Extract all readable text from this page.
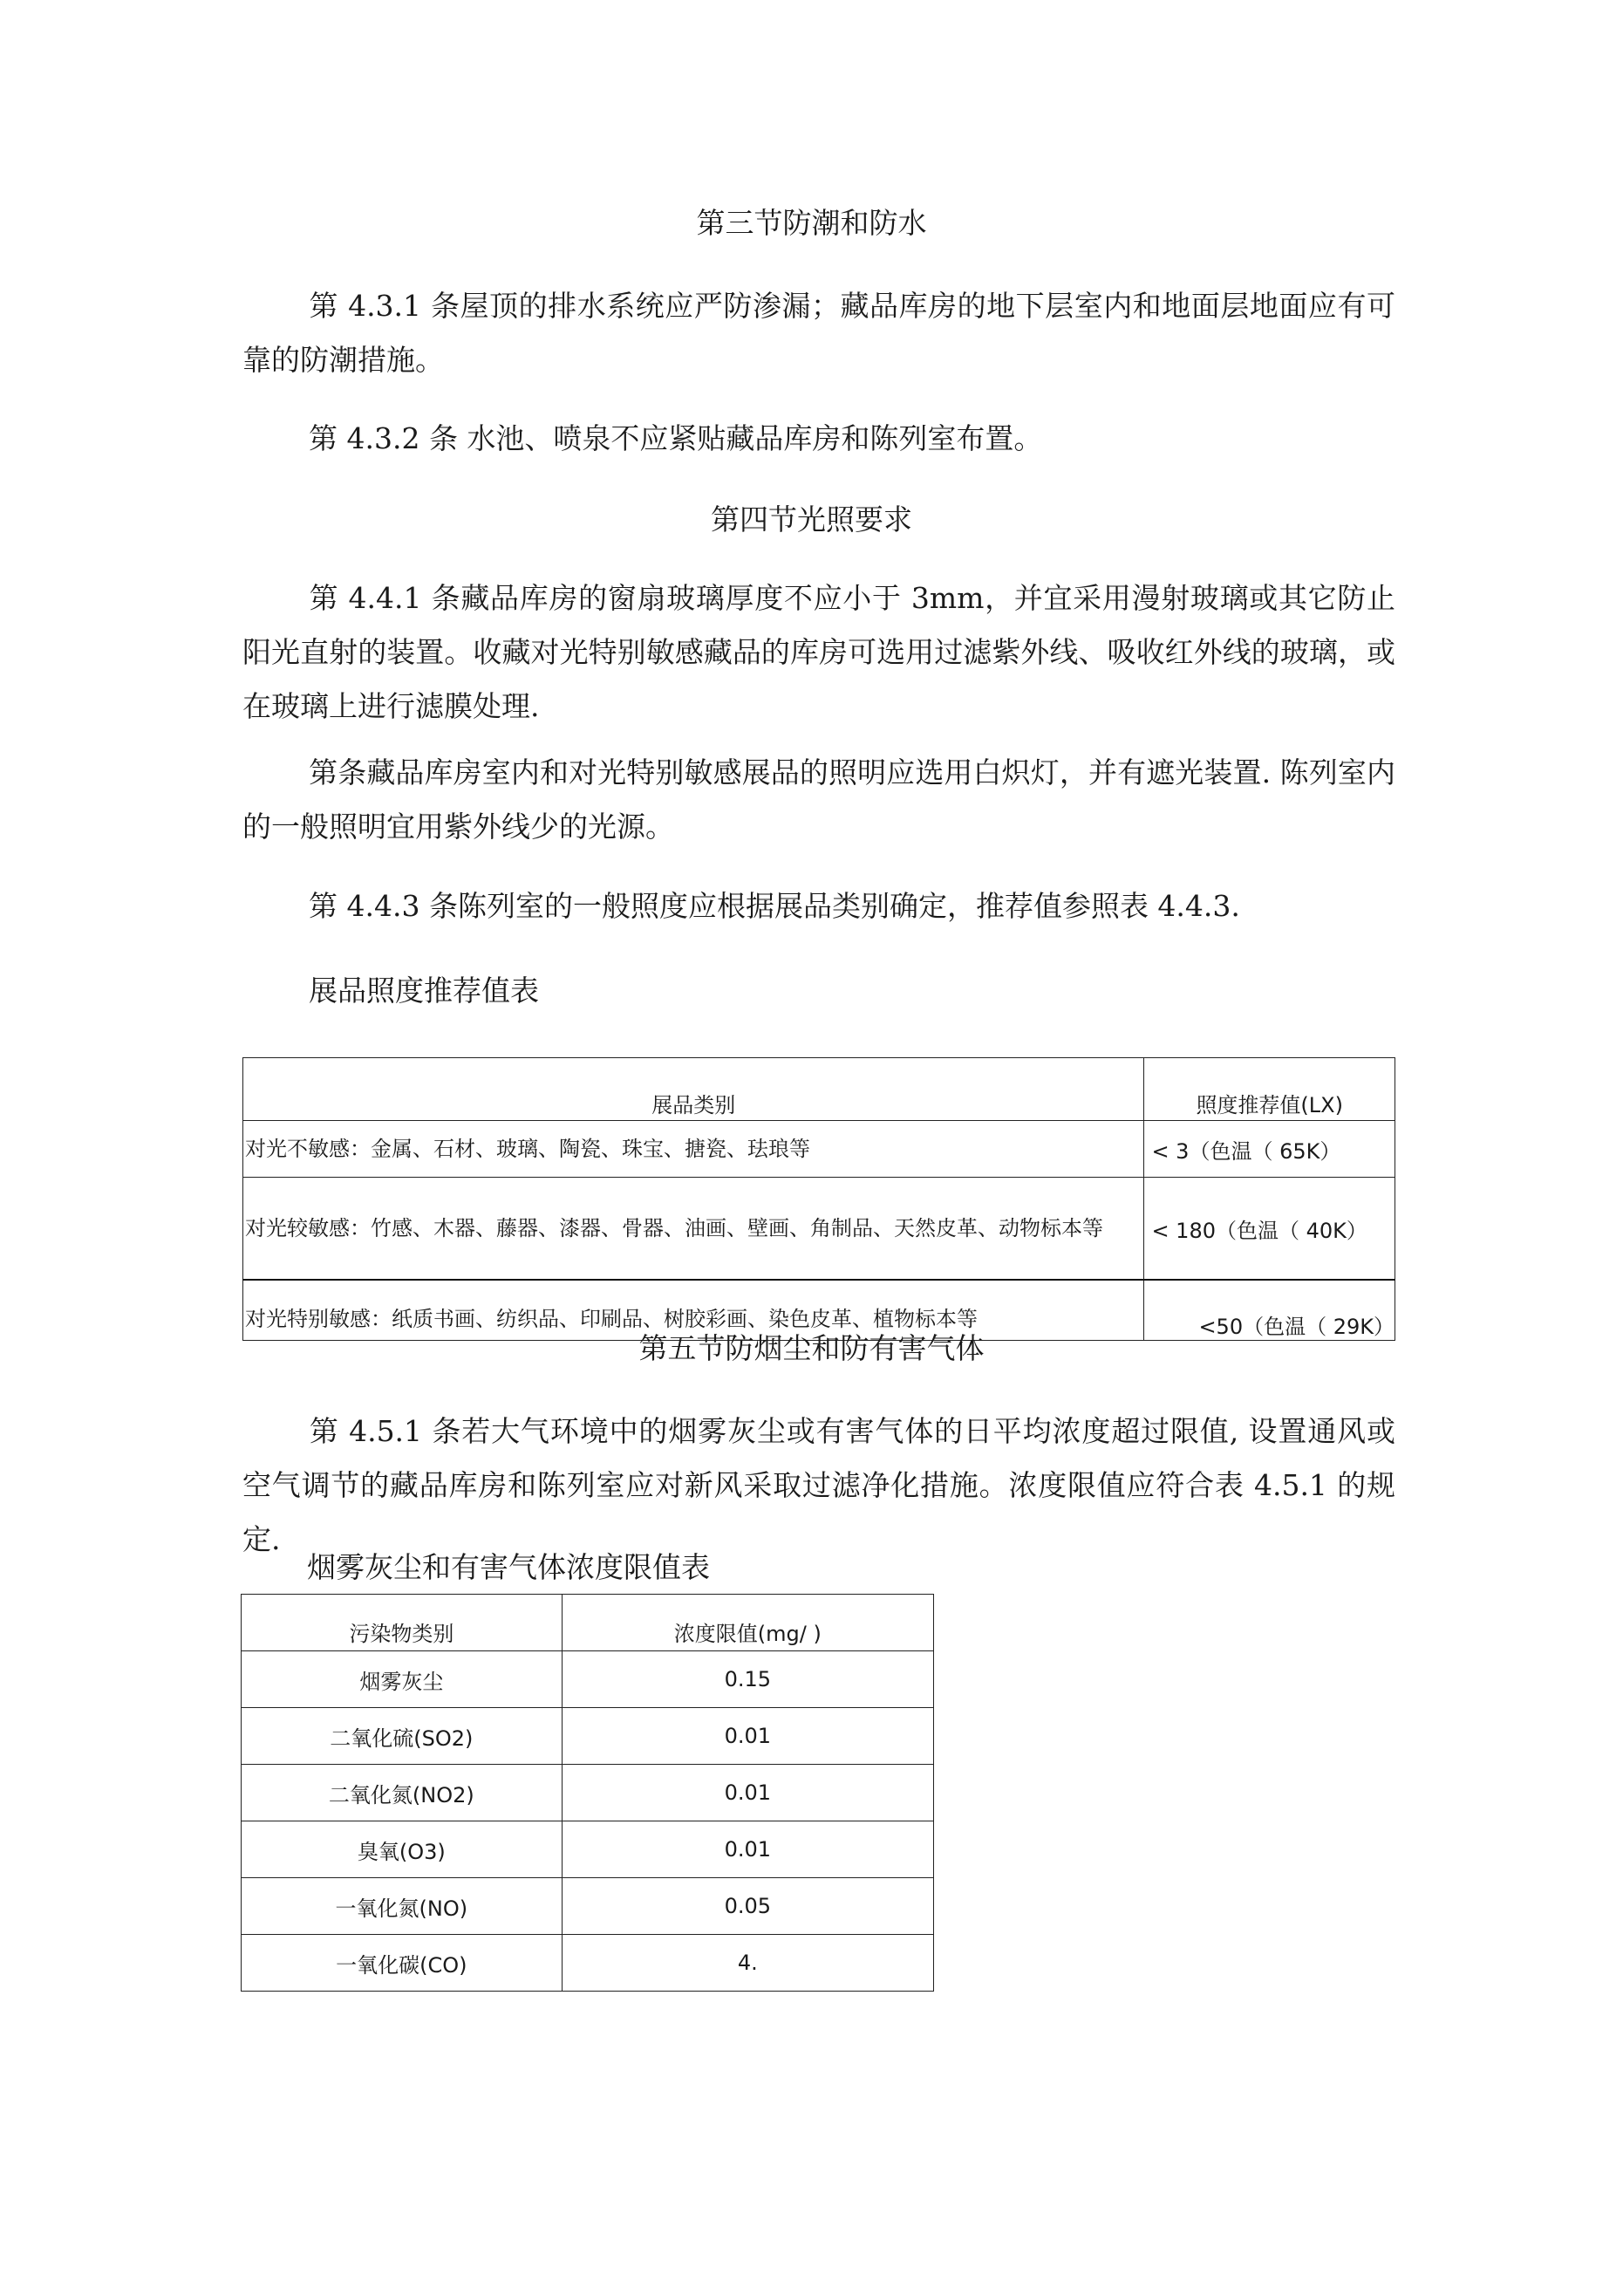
第三节防潮和防水
第 4.3.1 条屋顶的排水系统应严防渗漏；藏品库房的地下层室内和地面层地面应有可靠的防潮措施。
第 4.3.2 条 水池、喷泉不应紧贴藏品库房和陈列室布置。
第四节光照要求
第 4.4.1 条藏品库房的窗扇玻璃厚度不应小于 3mm，并宜采用漫射玻璃或其它防止阳光直射的装置。收藏对光特别敏感藏品的库房可选用过滤紫外线、吸收红外线的玻璃，或在玻璃上进行滤膜处理.
第条藏品库房室内和对光特别敏感展品的照明应选用白炽灯，并有遮光装置. 陈列室内的一般照明宜用紫外线少的光源。
第 4.4.3 条陈列室的一般照度应根据展品类别确定，推荐值参照表 4.4.3.
展品照度推荐值表
展品类别	照度推荐值(LX)
对光不敏感：金属、石材、玻璃、陶瓷、珠宝、搪瓷、珐琅等	< 3（色温（ 65K）
对光较敏感：竹感、木器、藤器、漆器、骨器、油画、壁画、角制品、天然皮革、动物标本等	< 180（色温（ 40K）
对光特别敏感：纸质书画、纺织品、印刷品、树胶彩画、染色皮革、植物标本等	<50（色温（ 29K）
第五节防烟尘和防有害气体
第 4.5.1 条若大气环境中的烟雾灰尘或有害气体的日平均浓度超过限值, 设置通风或空气调节的藏品库房和陈列室应对新风采取过滤净化措施。浓度限值应符合表 4.5.1 的规定.
烟雾灰尘和有害气体浓度限值表
污染物类别	浓度限值(mg/ )
烟雾灰尘	0.15
二氧化硫(SO2)	0.01
二氧化氮(NO2)	0.01
臭氧(O3)	0.01
一氧化氮(NO)	0.05
一氧化碳(CO)	4.
